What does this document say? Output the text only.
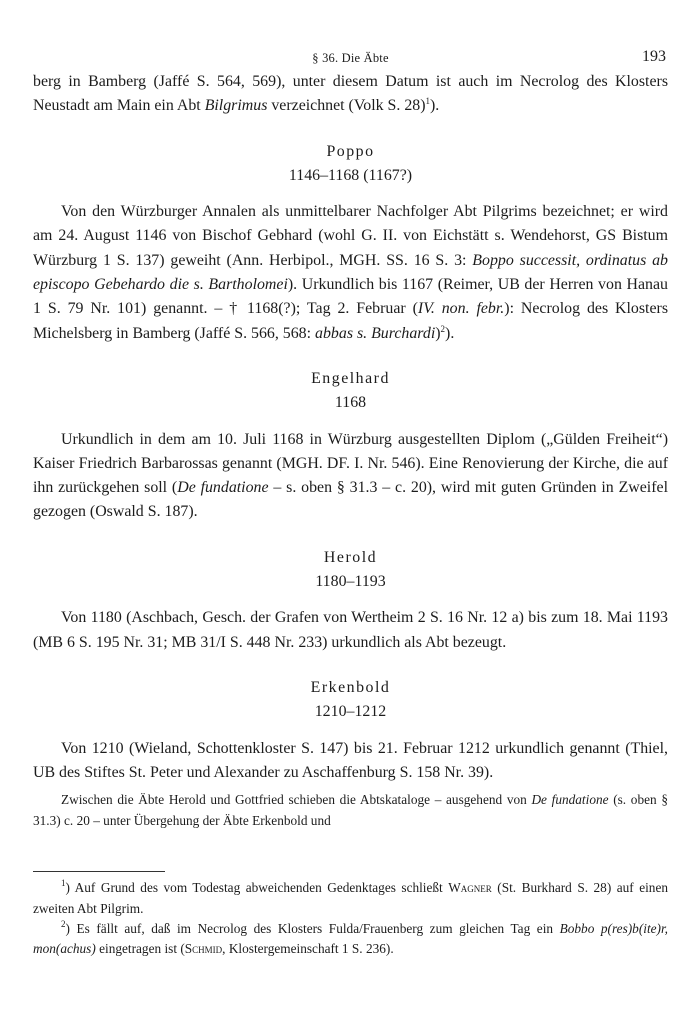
§ 36. Die Äbte	193

berg in Bamberg (Jaffé S. 564, 569), unter diesem Datum ist auch im Necrolog des Klosters Neustadt am Main ein Abt Bilgrimus verzeichnet (Volk S. 28)$^1$).

Poppo
1146–1168 (1167?)

Von den Würzburger Annalen als unmittelbarer Nachfolger Abt Pilgrims bezeichnet; er wird am 24. August 1146 von Bischof Gebhard (wohl G. II. von Eichstätt s. Wendehorst, GS Bistum Würzburg 1 S. 137) geweiht (Ann. Herbipol., MGH. SS. 16 S. 3: Boppo successit, ordinatus ab episcopo Gebehardo die s. Bartholomei). Urkundlich bis 1167 (Reimer, UB der Herren von Hanau 1 S. 79 Nr. 101) genannt. – † 1168(?); Tag 2. Februar (IV. non. febr.): Necrolog des Klosters Michelsberg in Bamberg (Jaffé S. 566, 568: abbas s. Burchardi)$^2$).

Engelhard
1168

Urkundlich in dem am 10. Juli 1168 in Würzburg ausgestellten Diplom („Gülden Freiheit“) Kaiser Friedrich Barbarossas genannt (MGH. DF. I. Nr. 546). Eine Renovierung der Kirche, die auf ihn zurückgehen soll (De fundatione – s. oben § 31.3 – c. 20), wird mit guten Gründen in Zweifel gezogen (Oswald S. 187).

Herold
1180–1193

Von 1180 (Aschbach, Gesch. der Grafen von Wertheim 2 S. 16 Nr. 12 a) bis zum 18. Mai 1193 (MB 6 S. 195 Nr. 31; MB 31/I S. 448 Nr. 233) urkundlich als Abt bezeugt.

Erkenbold
1210–1212

Von 1210 (Wieland, Schottenkloster S. 147) bis 21. Februar 1212 urkundlich genannt (Thiel, UB des Stiftes St. Peter und Alexander zu Aschaffenburg S. 158 Nr. 39).

Zwischen die Äbte Herold und Gottfried schieben die Abtskataloge – ausgehend von De fundatione (s. oben § 31.3) c. 20 – unter Übergehung der Äbte Erkenbold und

$^1$) Auf Grund des vom Todestag abweichenden Gedenktages schließt Wagner (St. Burkhard S. 28) auf einen zweiten Abt Pilgrim.

$^2$) Es fällt auf, daß im Necrolog des Klosters Fulda/Frauenberg zum gleichen Tag ein Bobbo p(res)b(ite)r, mon(achus) eingetragen ist (Schmid, Klostergemeinschaft 1 S. 236).
